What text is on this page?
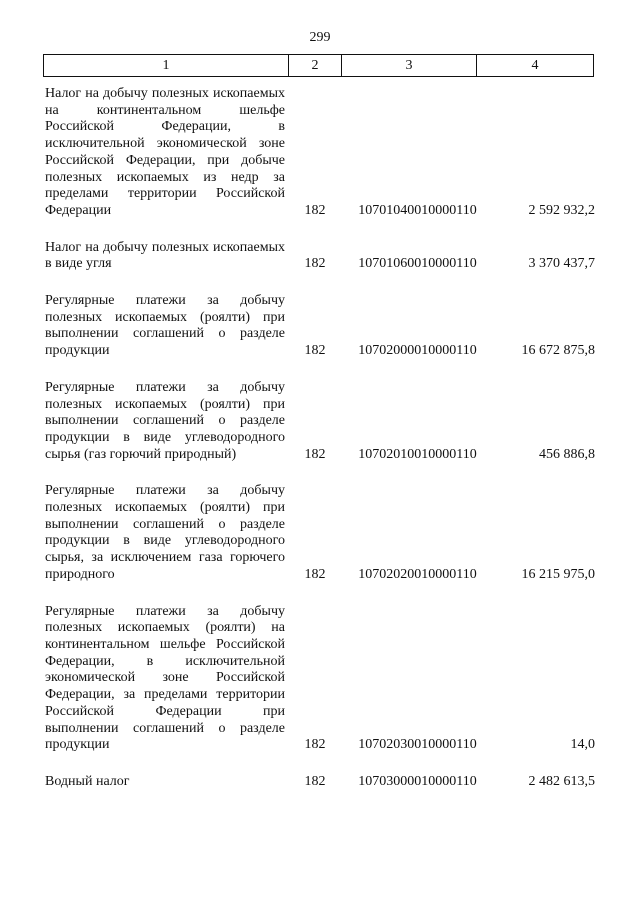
299
1	2	3	4
Налог на добычу полезных ископаемых на континентальном шельфе Российской Федерации, в исключительной экономической зоне Российской Федерации, при добыче полезных ископаемых из недр за пределами территории Российской Федерации	182	10701040010000110	2 592 932,2
Налог на добычу полезных ископаемых в виде угля	182	10701060010000110	3 370 437,7
Регулярные платежи за добычу полезных ископаемых (роялти) при выполнении соглашений о разделе продукции	182	10702000010000110	16 672 875,8
Регулярные платежи за добычу полезных ископаемых (роялти) при выполнении соглашений о разделе продукции в виде углеводородного сырья (газ горючий природный)	182	10702010010000110	456 886,8
Регулярные платежи за добычу полезных ископаемых (роялти) при выполнении соглашений о разделе продукции в виде углеводородного сырья, за исключением газа горючего природного	182	10702020010000110	16 215 975,0
Регулярные платежи за добычу полезных ископаемых (роялти) на континентальном шельфе Российской Федерации, в исключительной экономической зоне Российской Федерации, за пределами территории Российской Федерации при выполнении соглашений о разделе продукции	182	10702030010000110	14,0
Водный налог	182	10703000010000110	2 482 613,5
